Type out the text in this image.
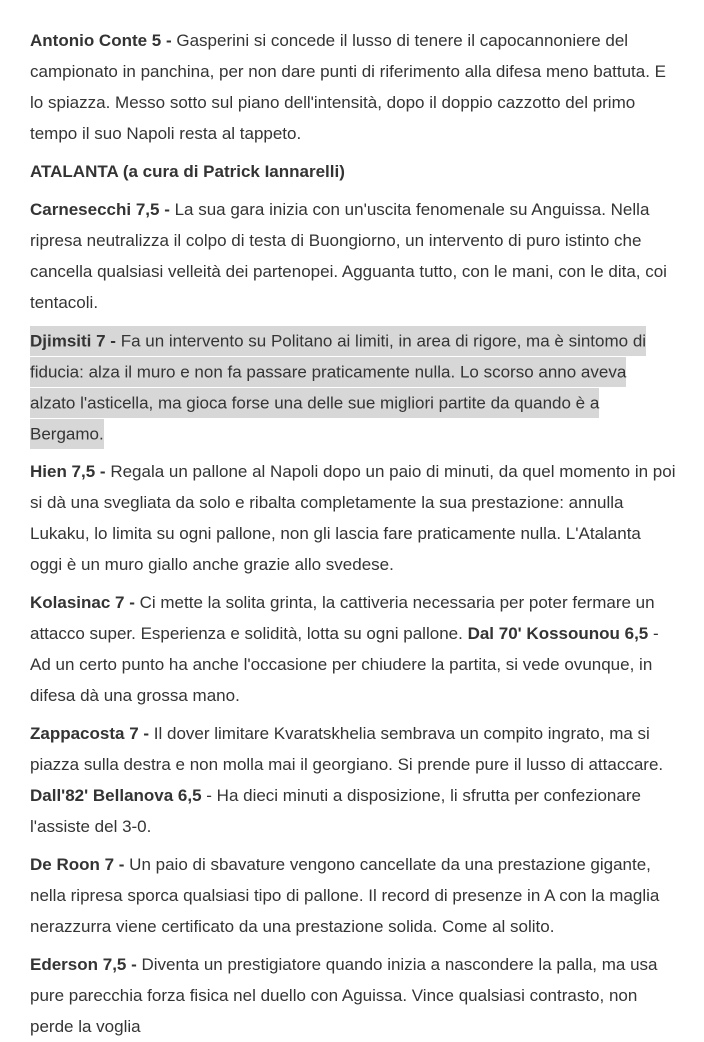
Antonio Conte 5 - Gasperini si concede il lusso di tenere il capocannoniere del campionato in panchina, per non dare punti di riferimento alla difesa meno battuta. E lo spiazza. Messo sotto sul piano dell'intensità, dopo il doppio cazzotto del primo tempo il suo Napoli resta al tappeto.

ATALANTA (a cura di Patrick Iannarelli)

Carnesecchi 7,5 - La sua gara inizia con un'uscita fenomenale su Anguissa. Nella ripresa neutralizza il colpo di testa di Buongiorno, un intervento di puro istinto che cancella qualsiasi velleità dei partenopei. Agguanta tutto, con le mani, con le dita, coi tentacoli.

Djimsiti 7 - Fa un intervento su Politano ai limiti, in area di rigore, ma è sintomo di fiducia: alza il muro e non fa passare praticamente nulla. Lo scorso anno aveva alzato l'asticella, ma gioca forse una delle sue migliori partite da quando è a Bergamo.

Hien 7,5 - Regala un pallone al Napoli dopo un paio di minuti, da quel momento in poi si dà una svegliata da solo e ribalta completamente la sua prestazione: annulla Lukaku, lo limita su ogni pallone, non gli lascia fare praticamente nulla. L'Atalanta oggi è un muro giallo anche grazie allo svedese.

Kolasinac 7 - Ci mette la solita grinta, la cattiveria necessaria per poter fermare un attacco super. Esperienza e solidità, lotta su ogni pallone. Dal 70' Kossounou 6,5 - Ad un certo punto ha anche l'occasione per chiudere la partita, si vede ovunque, in difesa dà una grossa mano.

Zappacosta 7 - Il dover limitare Kvaratskhelia sembrava un compito ingrato, ma si piazza sulla destra e non molla mai il georgiano. Si prende pure il lusso di attaccare. Dall'82' Bellanova 6,5 - Ha dieci minuti a disposizione, li sfrutta per confezionare l'assiste del 3-0.

De Roon 7 - Un paio di sbavature vengono cancellate da una prestazione gigante, nella ripresa sporca qualsiasi tipo di pallone. Il record di presenze in A con la maglia nerazzurra viene certificato da una prestazione solida. Come al solito.

Ederson 7,5 - Diventa un prestigiatore quando inizia a nascondere la palla, ma usa pure parecchia forza fisica nel duello con Aguissa. Vince qualsiasi contrasto, non perde la voglia
